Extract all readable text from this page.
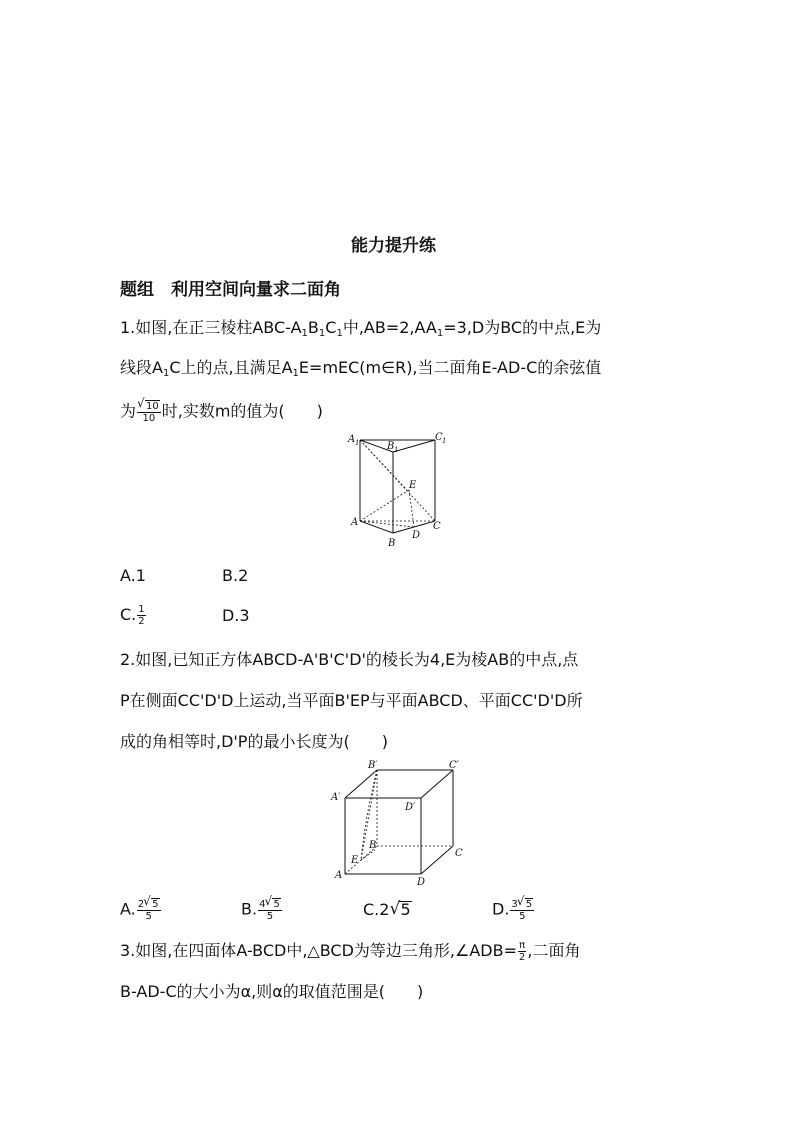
能力提升练
题组　利用空间向量求二面角
1.如图,在正三棱柱ABC-$A_1B_1C_1$中$,AB=2,AA_1=3,D$为BC的中点,E为
线段$A_1C$上的点,且满足$A_1E=mEC(m\in R)$,当二面角E-AD-C的余弦值
为 √ $\frac{10}{10}$ 时,实数m的值为(　　)
A 1	B 1
C 1
E
A	C
D
B
A.1	B.2
C. $\frac{1}{2}$	D.3
2.如图,已知正方体ABCD-A'B'C'D'的棱长为4,E为棱AB的中点,点
P在侧面CC'D'D上运动,当平面B'EP与平面ABCD、平面CC'D'D所
成的角相等时,D'P的最小长度为(　　)
B′	C′
A′
D′
B
C
E
A
D
A. $\frac{2 √ 5}{5}$	B. $\frac{4 √ 5}{5}$	C.2 √ 5	D. $\frac{3 √ 5}{5}$
3.如图,在四面体A-BCD中,△BCD为等边三角形,∠ADB= $\frac{\pi}{2}$ ,二面角
B-AD-C的大小为α,则α的取值范围是(　　)
